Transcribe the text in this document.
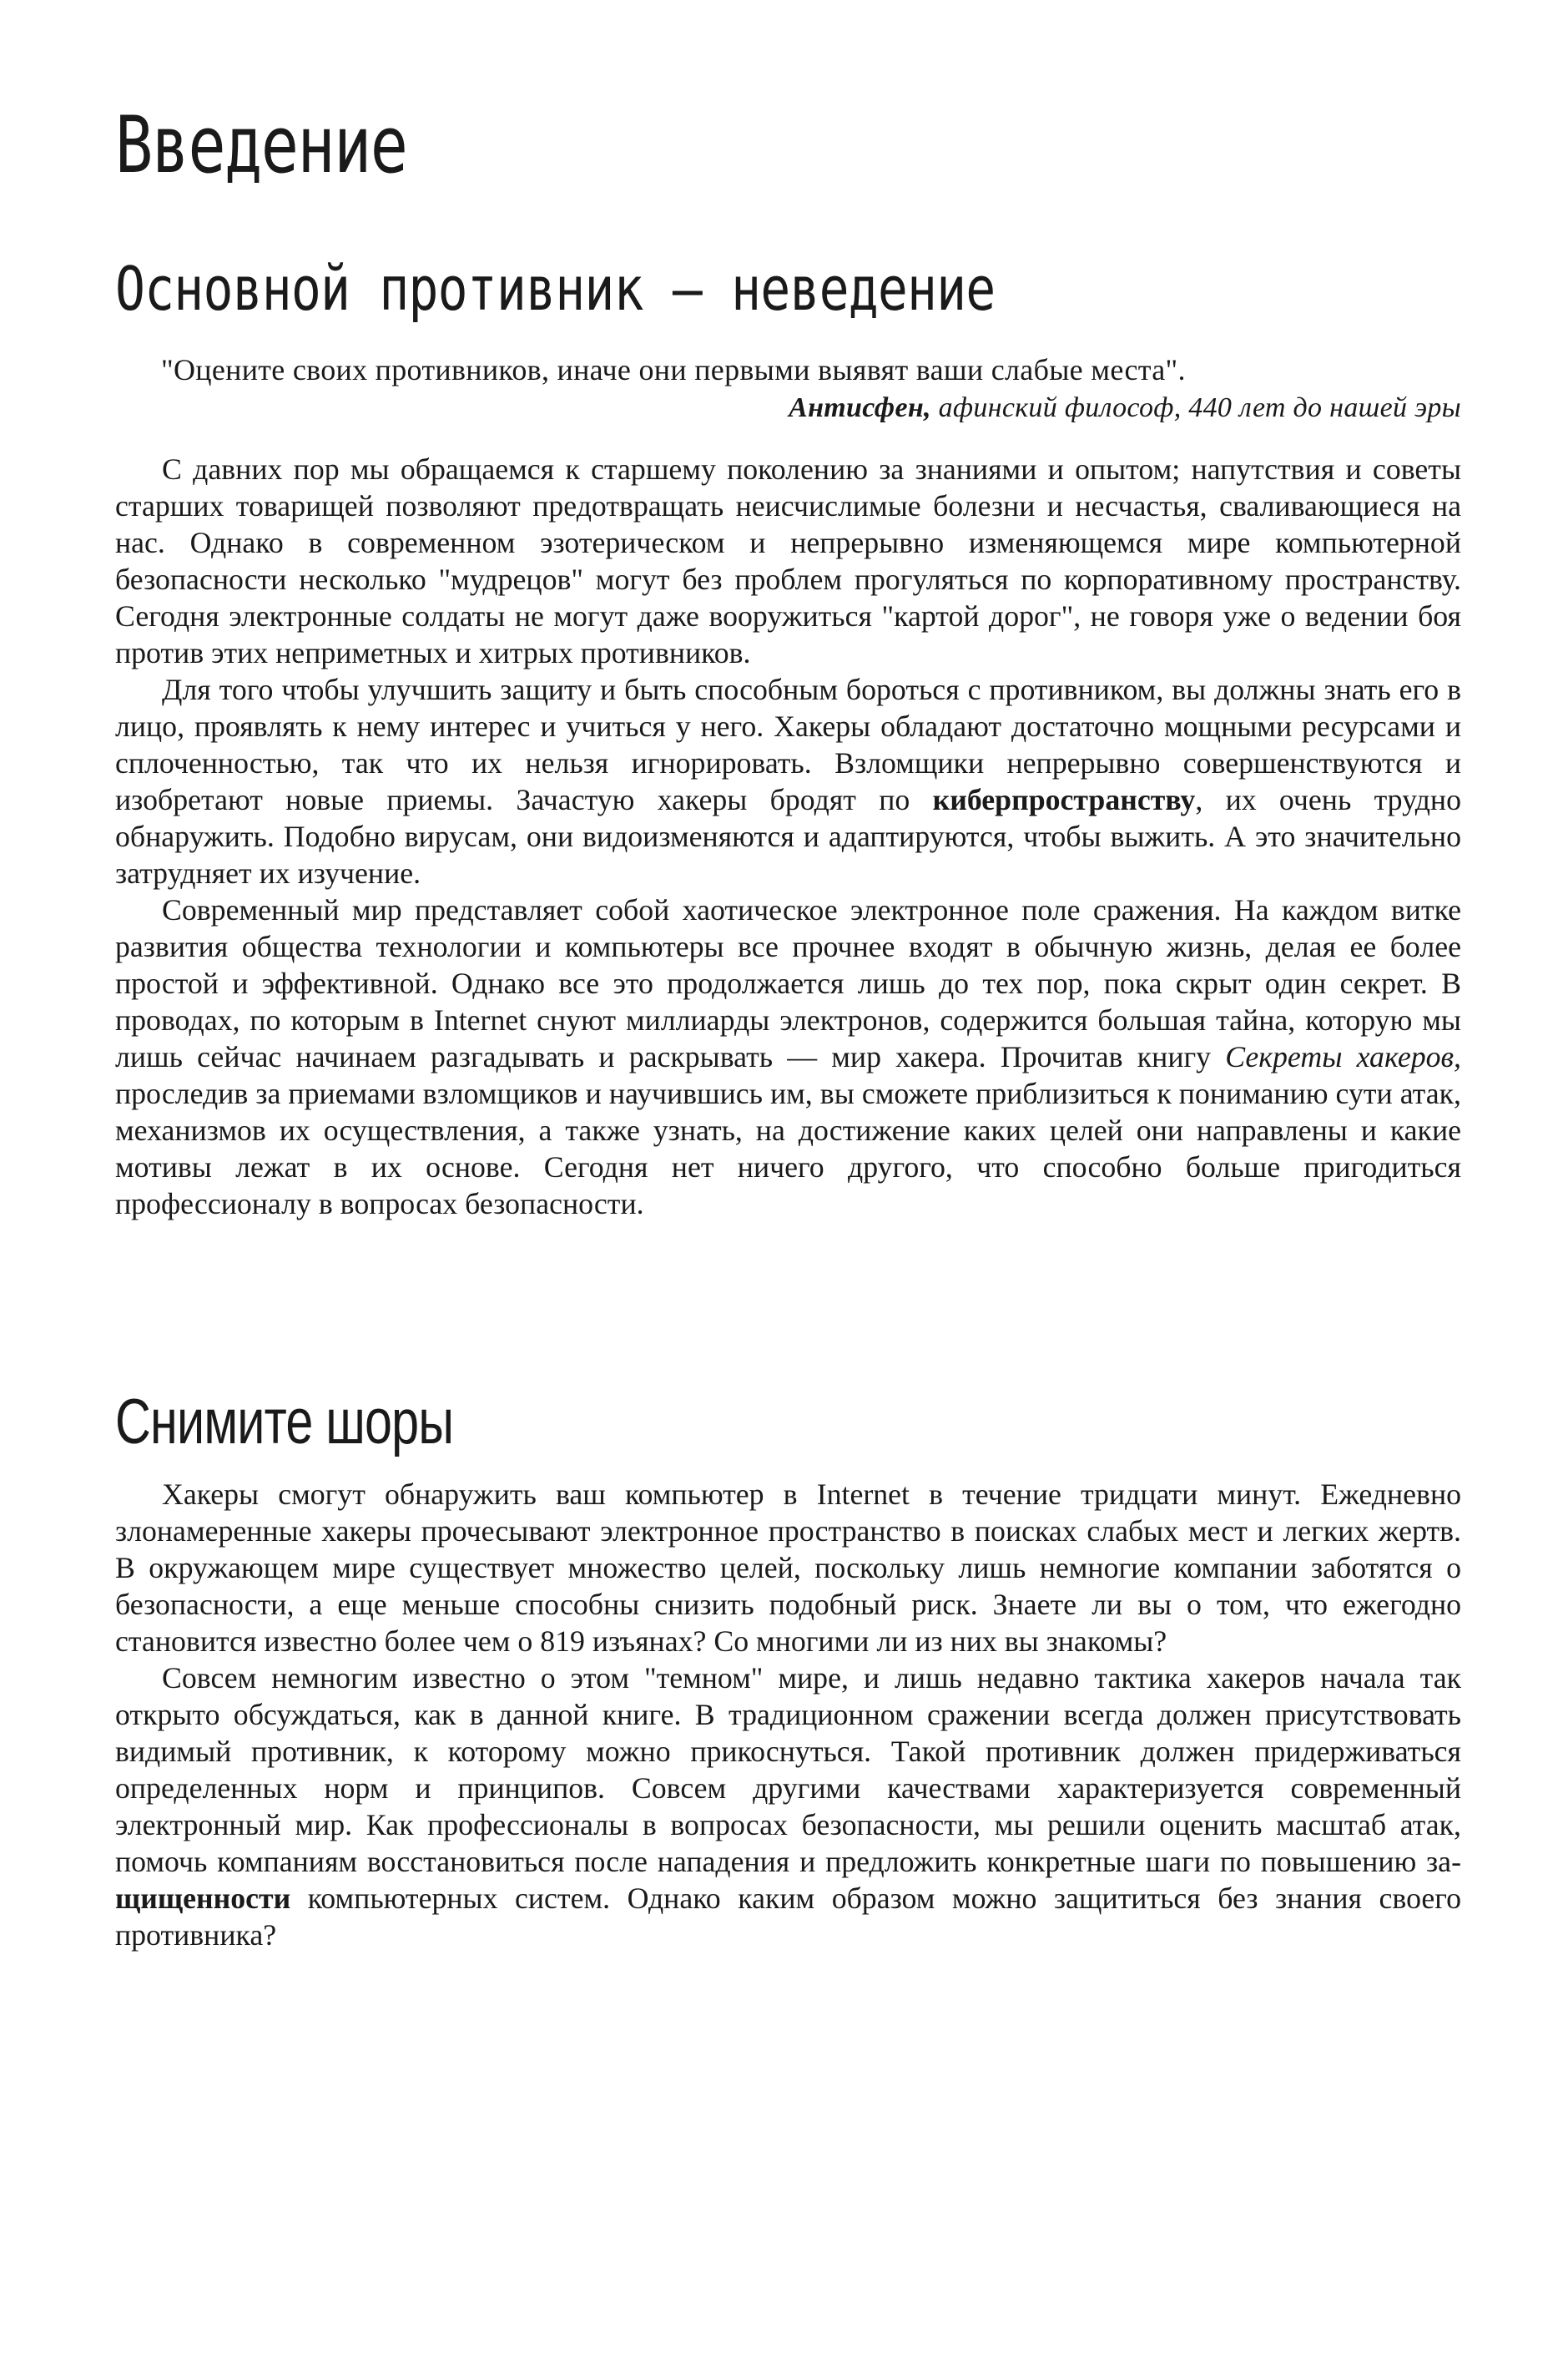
Введение
Основной противник – неведение
"Оцените своих противников, иначе они первыми выявят ваши слабые места".
Антисфен, афинский философ, 440 лет до нашей эры

С давних пор мы обращаемся к старшему поколению за знаниями и опытом; напутствия и советы старших товарищей позволяют предотвращать неисчислимые болезни и несчастья, сваливающиеся на нас. Однако в современном эзотерическом и непрерывно изменяющемся мире компьютерной безопасности несколько "мудрецов" могут без проблем прогуляться по корпоративному пространству. Сегодня электронные солдаты не могут даже вооружиться "картой дорог", не говоря уже о ведении боя против этих неприметных и хитрых противников.

Для того чтобы улучшить защиту и быть способным бороться с противником, вы должны знать его в лицо, проявлять к нему интерес и учиться у него. Хакеры обладают достаточно мощными ресурсами и сплоченностью, так что их нельзя игнорировать. Взломщики непрерывно совершенствуются и изобретают новые приемы. Зачастую хакеры бродят по киберпространству, их очень трудно обнаружить. Подобно вирусам, они видоизменяются и адаптируются, чтобы выжить. А это значительно затрудняет их изучение.

Современный мир представляет собой хаотическое электронное поле сражения. На каждом витке развития общества технологии и компьютеры все прочнее входят в обычную жизнь, делая ее более простой и эффективной. Однако все это продолжается лишь до тех пор, пока скрыт один секрет. В проводах, по которым в Internet снуют миллиарды электронов, содержится большая тайна, которую мы лишь сейчас начинаем разгадывать и раскрывать — мир хакера. Прочитав книгу Секреты хакеров, проследив за приемами взломщиков и научившись им, вы сможете приблизиться к пониманию сути атак, механизмов их осуществления, а также узнать, на достижение каких целей они направлены и какие мотивы лежат в их основе. Сегодня нет ничего другого, что способно больше пригодиться профессионалу в вопросах безопасности.

Снимите шоры

Хакеры смогут обнаружить ваш компьютер в Internet в течение тридцати минут. Ежедневно злонамеренные хакеры прочесывают электронное пространство в поисках слабых мест и легких жертв. В окружающем мире существует множество целей, поскольку лишь немногие компании заботятся о безопасности, а еще меньше способны снизить подобный риск. Знаете ли вы о том, что ежегодно становится известно более чем о 819 изъянах? Со многими ли из них вы знакомы?

Совсем немногим известно о этом "темном" мире, и лишь недавно тактика хакеров начала так открыто обсуждаться, как в данной книге. В традиционном сражении всегда должен присутствовать видимый противник, к которому можно прикоснуться. Такой противник должен придерживаться определенных норм и принципов. Совсем другими качествами характеризуется современный электронный мир. Как профессионалы в вопросах безопасности, мы решили оценить масштаб атак, помочь компаниям восстановиться после нападения и предложить конкретные шаги по повышению за-щищенности компьютерных систем. Однако каким образом можно защититься без знания своего противника?
